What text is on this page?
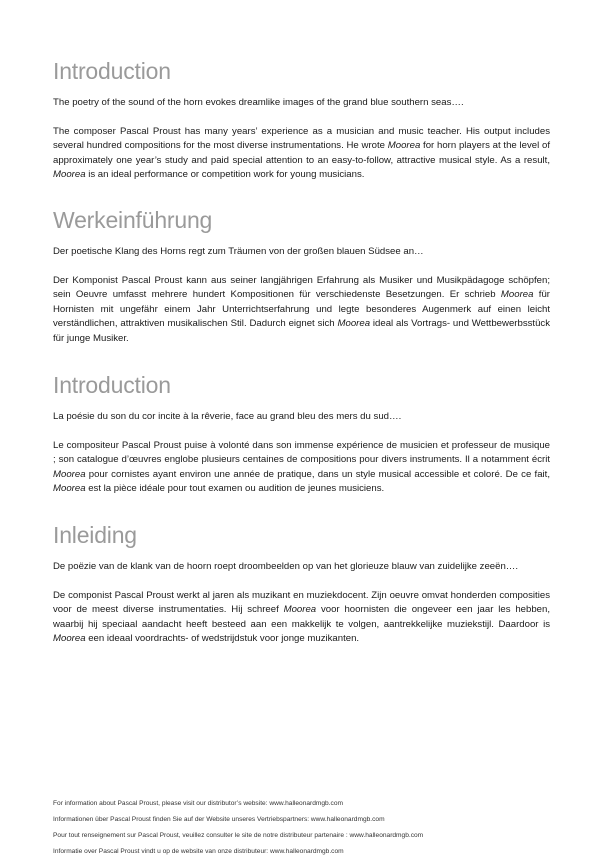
Introduction

The poetry of the sound of the horn evokes dreamlike images of the grand blue southern seas….

The composer Pascal Proust has many years’ experience as a musician and music teacher. His output includes several hundred compositions for the most diverse instrumentations. He wrote Moorea for horn players at the level of approximately one year’s study and paid special attention to an easy-to-follow, attractive musical style. As a result, Moorea is an ideal performance or competition work for young musicians.

Werkeinführung

Der poetische Klang des Horns regt zum Träumen von der großen blauen Südsee an…

Der Komponist Pascal Proust kann aus seiner langjährigen Erfahrung als Musiker und Musikpädagoge schöpfen; sein Oeuvre umfasst mehrere hundert Kompositionen für verschiedenste Besetzungen. Er schrieb Moorea für Hornisten mit ungefähr einem Jahr Unterrichtserfahrung und legte besonderes Augenmerk auf einen leicht verständlichen, attraktiven musikalischen Stil. Dadurch eignet sich Moorea ideal als Vortrags- und Wettbewerbsstück für junge Musiker.

Introduction

La poésie du son du cor incite à la rêverie, face au grand bleu des mers du sud….

Le compositeur Pascal Proust puise à volonté dans son immense expérience de musicien et professeur de musique ; son catalogue d’œuvres englobe plusieurs centaines de compositions pour divers instruments. Il a notamment écrit Moorea pour cornistes ayant environ une année de pratique, dans un style musical accessible et coloré. De ce fait, Moorea est la pièce idéale pour tout examen ou audition de jeunes musiciens.

Inleiding

De poëzie van de klank van de hoorn roept droombeelden op van het glorieuze blauw van zuidelijke zeeën….

De componist Pascal Proust werkt al jaren als muzikant en muziekdocent. Zijn oeuvre omvat honderden composities voor de meest diverse instrumentaties. Hij schreef Moorea voor hoornisten die ongeveer een jaar les hebben, waarbij hij speciaal aandacht heeft besteed aan een makkelijk te volgen, aantrekkelijke muziekstijl. Daardoor is Moorea een ideaal voordrachts- of wedstrijdstuk voor jonge muzikanten.

For information about Pascal Proust, please visit our distributor’s website: www.halleonardmgb.com

Informationen über Pascal Proust finden Sie auf der Website unseres Vertriebspartners: www.halleonardmgb.com

Pour tout renseignement sur Pascal Proust, veuillez consulter le site de notre distributeur partenaire : www.halleonardmgb.com

Informatie over Pascal Proust vindt u op de website van onze distributeur: www.halleonardmgb.com
